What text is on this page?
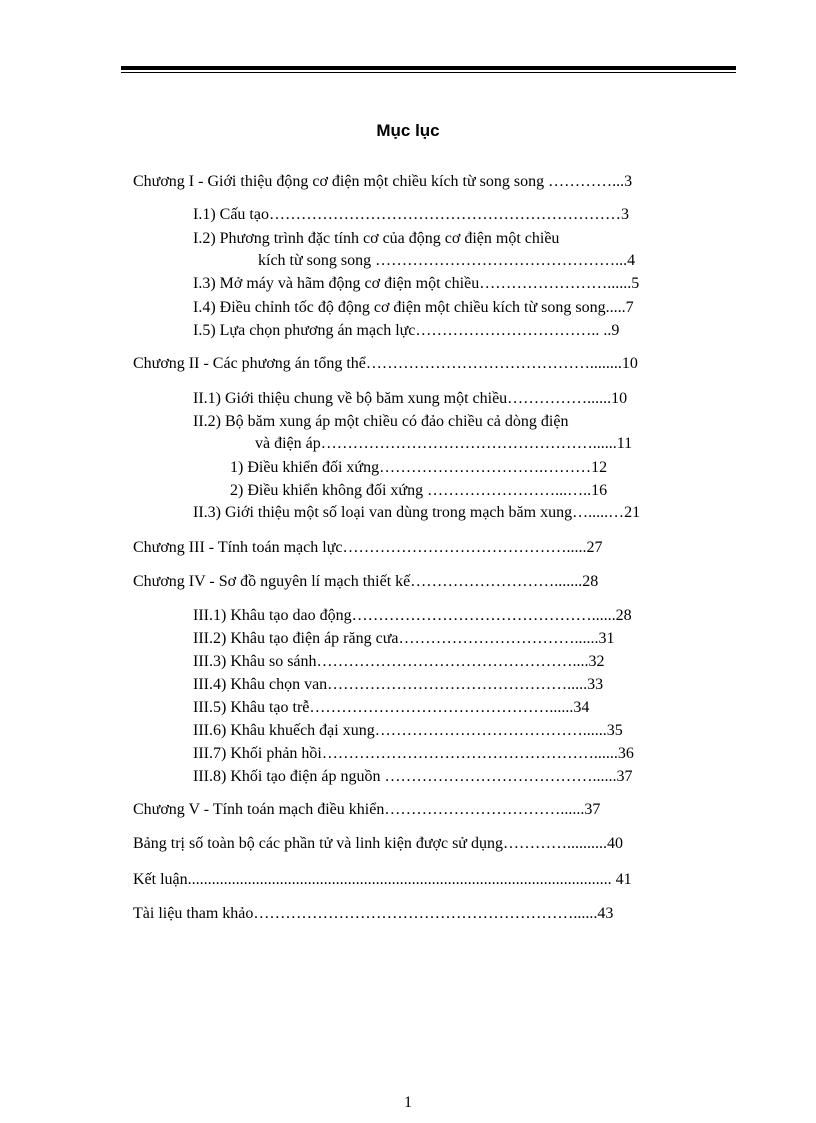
Mục lục
Chương I - Giới thiệu động cơ điện một chiều kích từ song song …………...3
I.1) Cấu tạo…………………………………………………………3
I.2) Phương trình đặc tính cơ của động cơ điện một chiều
kích từ song song ………………………………………...4
I.3) Mở máy và hãm động cơ điện một chiều……………………......5
I.4) Điều chỉnh tốc độ động cơ điện một chiều kích từ song song.....7
I.5) Lựa chọn phương án mạch lực…………………………….. ..9
Chương II - Các phương án tổng thể……………………………………........10
II.1) Giới thiệu chung về bộ băm xung một chiều……………......10
II.2) Bộ băm xung áp một chiều có đảo chiều cả dòng điện
và điện áp……………………………………………......11
1) Điều khiển đối xứng………………………….………12
2) Điều khiển không đối xứng ……………………...…..16
II.3) Giới thiệu một số loại van dùng trong mạch băm xung….....…21
Chương III - Tính toán mạch lực…………………………………….....27
Chương IV - Sơ đồ nguyên lí mạch thiết kế……………………….......28
III.1) Khâu tạo dao động………………………………………......28
III.2) Khâu tạo điện áp răng cưa……………………………......31
III.3) Khâu so sánh…………………………………………....32
III.4) Khâu chọn van……………………………………….....33
III.5) Khâu tạo trễ………………………………………......34
III.6) Khâu khuếch đại xung…………………………………......35
III.7) Khối phản hồi……………………………………………......36
III.8) Khối tạo điện áp nguồn …………………………………......37
Chương V - Tính toán mạch điều khiển……………………………......37
Bảng trị số toàn bộ các phần tử và linh kiện được sử dụng…………..........40
Kết luận.......................................................................................................... 41
Tài liệu tham khảo……………………………………………………......43
1
